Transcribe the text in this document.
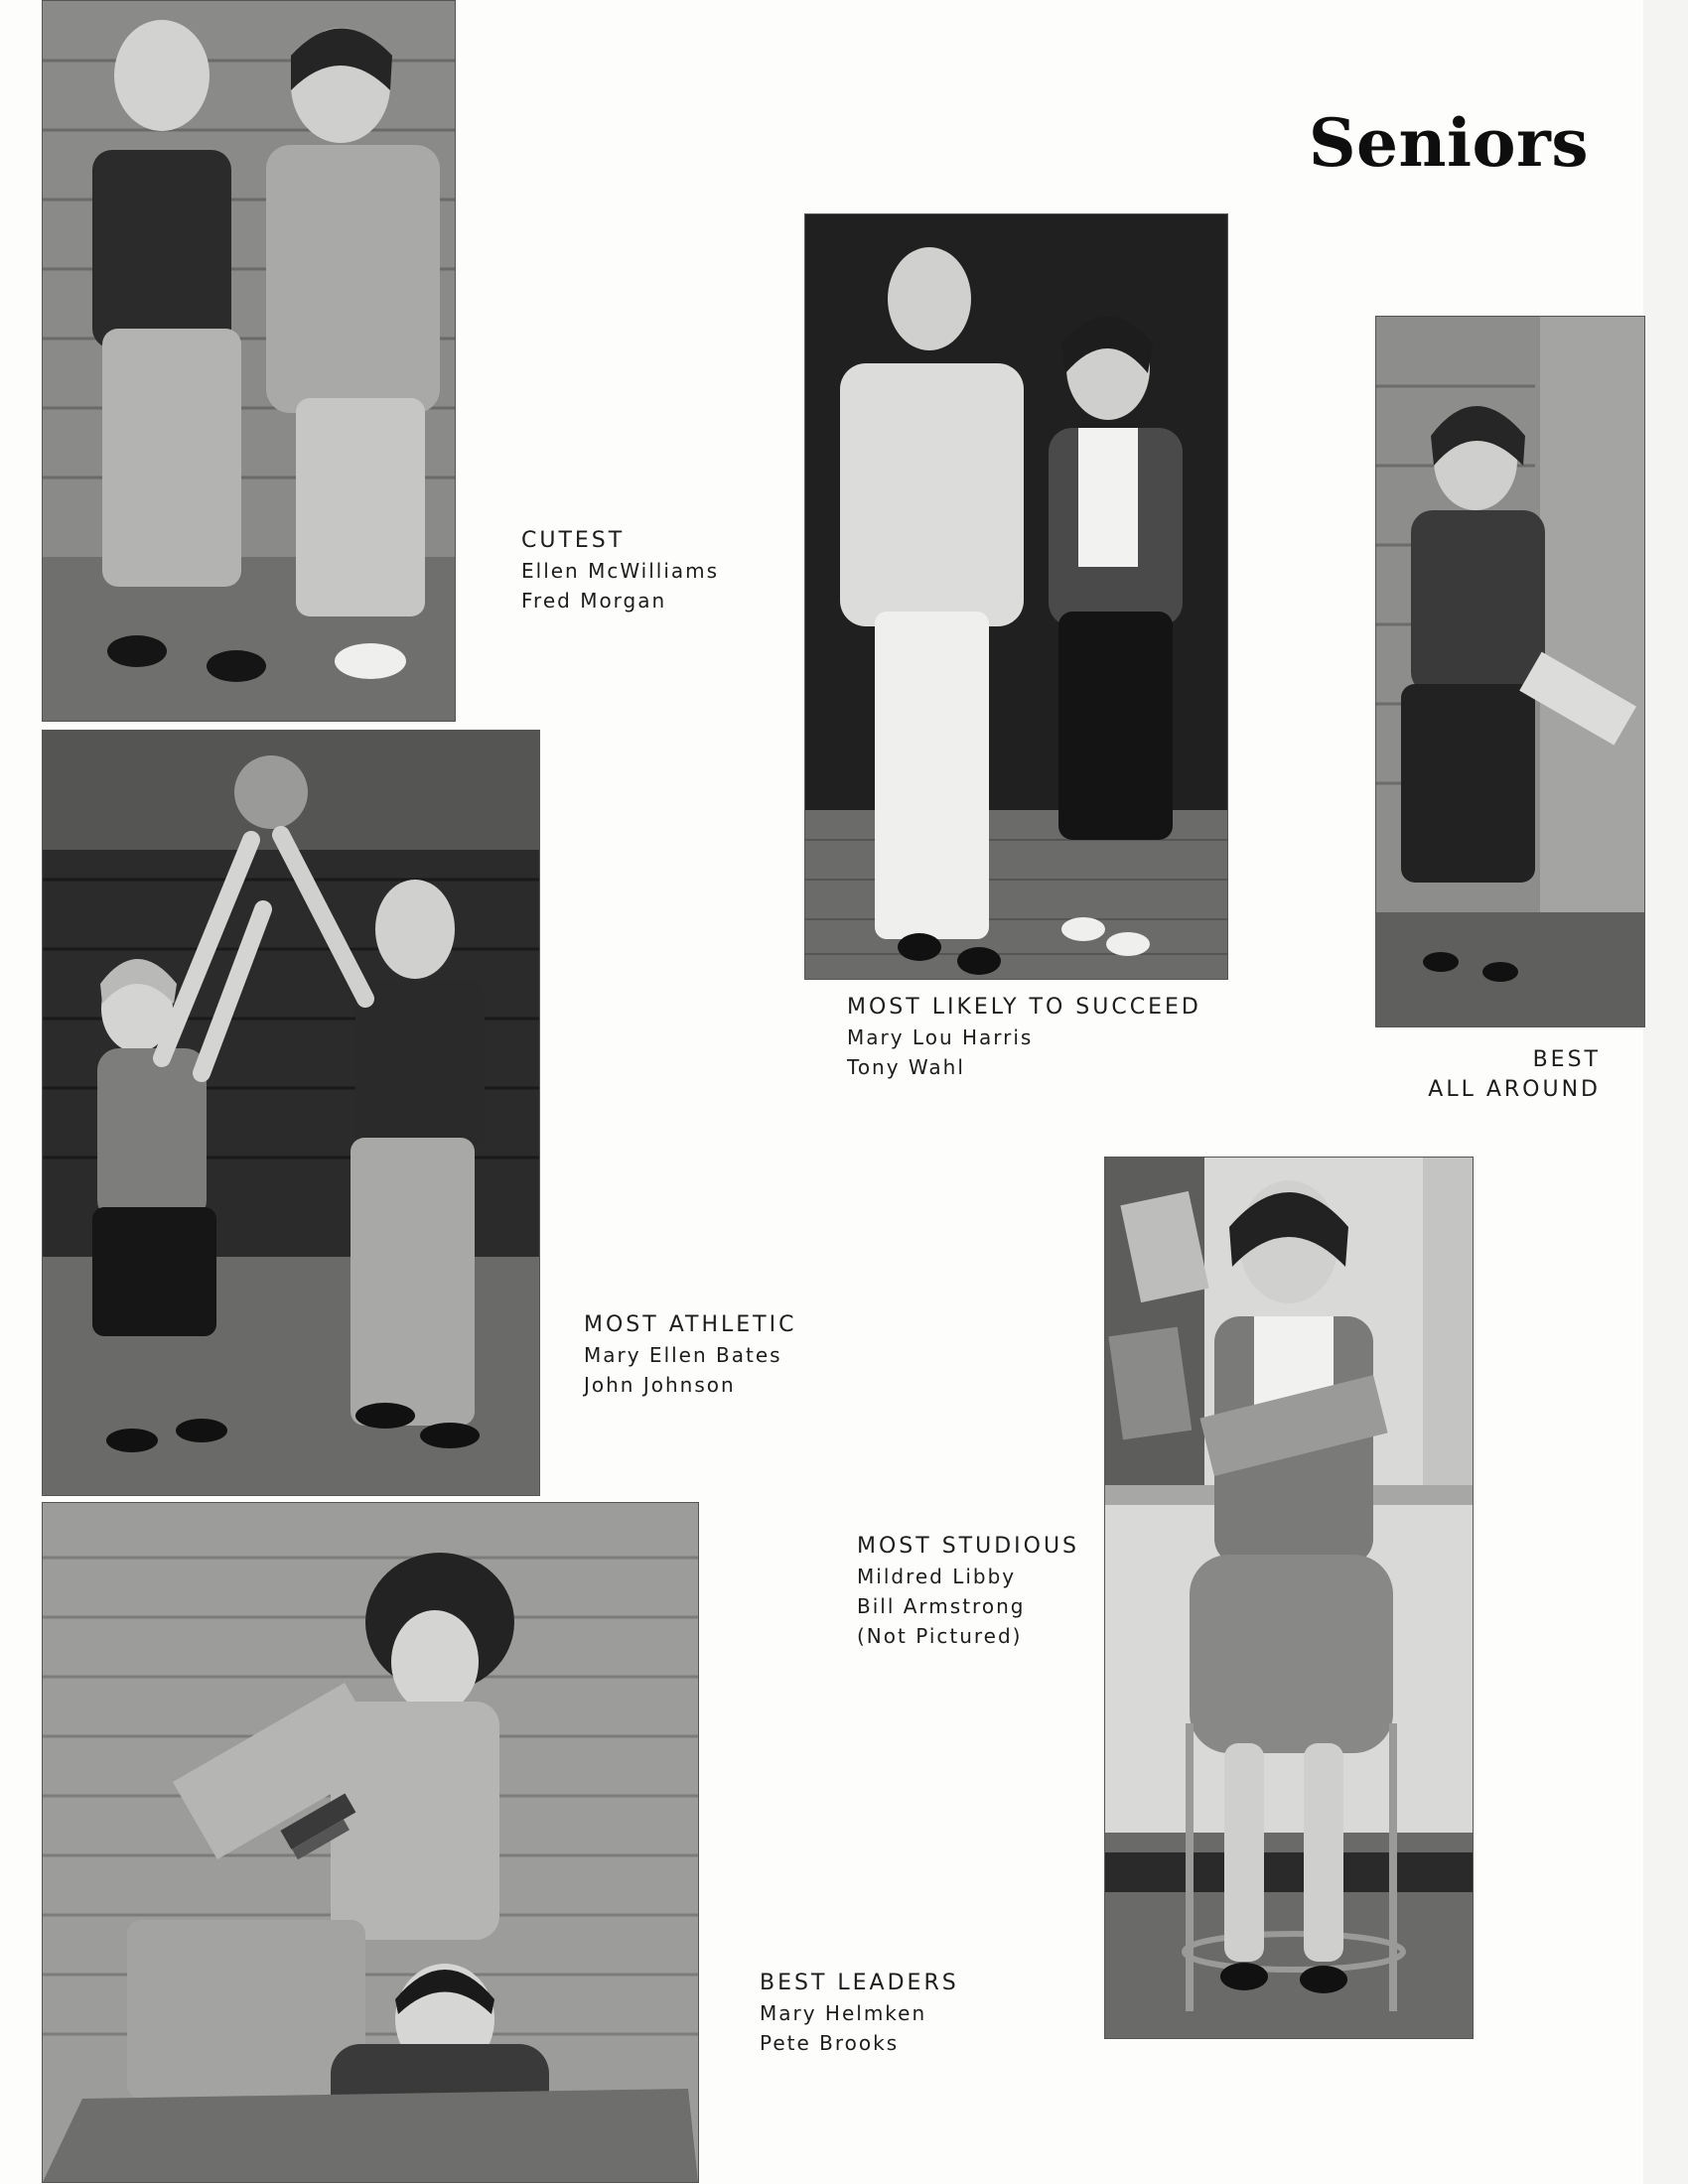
Seniors
CUTEST
Ellen McWilliams
Fred Morgan
MOST LIKELY TO SUCCEED
Mary Lou Harris
Tony Wahl	BEST
ALL AROUND
MOST ATHLETIC
Mary Ellen Bates
John Johnson
MOST STUDIOUS
Mildred Libby
Bill Armstrong
(Not Pictured)
BEST LEADERS
Mary Helmken
Pete Brooks
